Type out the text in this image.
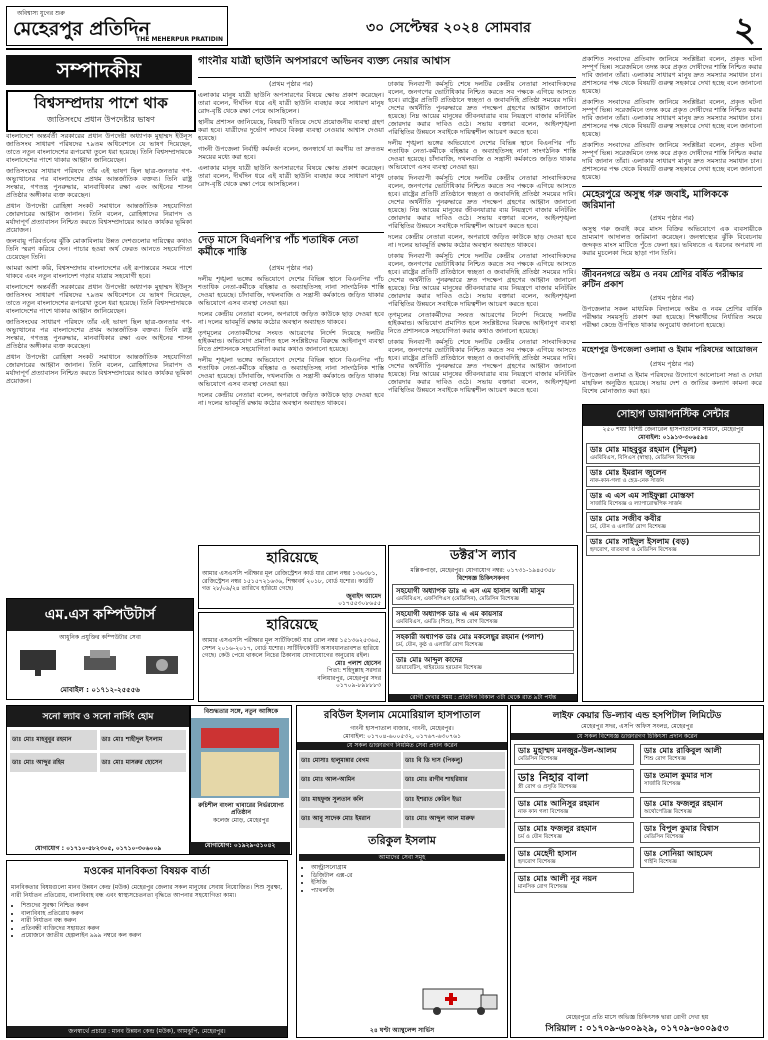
অবিশ্বাস্য যুগের শুরু
মেহেরপুর প্রতিদিন
THE MEHERPUR PRATIDIN
৩০ সেপ্টেম্বর ২০২৪ সোমবার	২
সম্পাদকীয়
বিশ্বসম্প্রদায় পাশে থাক
জাতিসংঘে প্রধান উপদেষ্টার ভাষণ

বাংলাদেশে অন্তর্বর্তী সরকারের প্রধান উপদেষ্টা অধ্যাপক মুহাম্মদ ইউনূস জাতিসংঘ সাধারণ পরিষদের ৭৯তম অধিবেশনে যে ভাষণ দিয়েছেন, তাতে নতুন বাংলাদেশের রূপরেখা তুলে ধরা হয়েছে। তিনি বিশ্বসম্প্রদায়কে বাংলাদেশের পাশে থাকার আহ্বান জানিয়েছেন।

জাতিসংঘের সাধারণ পরিষদে তাঁর এই ভাষণ ছিল ছাত্র-জনতার গণ-অভ্যুত্থানের পর বাংলাদেশের প্রথম আন্তর্জাতিক বক্তব্য। তিনি রাষ্ট্র সংস্কার, গণতন্ত্র পুনরুদ্ধার, মানবাধিকার রক্ষা এবং আইনের শাসন প্রতিষ্ঠার অঙ্গীকার ব্যক্ত করেছেন।

প্রধান উপদেষ্টা রোহিঙ্গা সংকট সমাধানে আন্তর্জাতিক সহযোগিতা জোরদারের আহ্বান জানান। তিনি বলেন, রোহিঙ্গাদের নিরাপদ ও মর্যাদাপূর্ণ প্রত্যাবাসন নিশ্চিত করতে বিশ্বসম্প্রদায়ের আরও কার্যকর ভূমিকা প্রয়োজন।

জলবায়ু পরিবর্তনের ঝুঁকি মোকাবিলায় উন্নত দেশগুলোর দায়িত্বের কথাও তিনি স্মরণ করিয়ে দেন। পাচার হওয়া অর্থ ফেরত আনতে সহযোগিতা চেয়েছেন তিনি।

আমরা আশা করি, বিশ্বসম্প্রদায় বাংলাদেশের এই রূপান্তরের সময়ে পাশে থাকবে এবং নতুন বাংলাদেশ গড়ার যাত্রায় সহযোগী হবে।

বাংলাদেশে অন্তর্বর্তী সরকারের প্রধান উপদেষ্টা অধ্যাপক মুহাম্মদ ইউনূস জাতিসংঘ সাধারণ পরিষদের ৭৯তম অধিবেশনে যে ভাষণ দিয়েছেন, তাতে নতুন বাংলাদেশের রূপরেখা তুলে ধরা হয়েছে। তিনি বিশ্বসম্প্রদায়কে বাংলাদেশের পাশে থাকার আহ্বান জানিয়েছেন।

জাতিসংঘের সাধারণ পরিষদে তাঁর এই ভাষণ ছিল ছাত্র-জনতার গণ-অভ্যুত্থানের পর বাংলাদেশের প্রথম আন্তর্জাতিক বক্তব্য। তিনি রাষ্ট্র সংস্কার, গণতন্ত্র পুনরুদ্ধার, মানবাধিকার রক্ষা এবং আইনের শাসন প্রতিষ্ঠার অঙ্গীকার ব্যক্ত করেছেন।

প্রধান উপদেষ্টা রোহিঙ্গা সংকট সমাধানে আন্তর্জাতিক সহযোগিতা জোরদারের আহ্বান জানান। তিনি বলেন, রোহিঙ্গাদের নিরাপদ ও মর্যাদাপূর্ণ প্রত্যাবাসন নিশ্চিত করতে বিশ্বসম্প্রদায়ের আরও কার্যকর ভূমিকা প্রয়োজন।

এম.এস কম্পিউটার্স
আধুনিক প্রযুক্তির কম্পিউটার সেবা
মোবাইল : ০১৭১২-২৫৫৫৬
সনো ল্যাব ও সনো নার্সিং হোম
ডাঃ মোঃ মাহবুবুর রহমান	ডাঃ মোঃ শাহীদুল ইসলাম
ডাঃ মোঃ আব্দুর রহিম	ডাঃ মোঃ মাসরুর হোসেন
যোগাযোগ : ০১৭১০-৫৮২৩০৫, ০১৭১০-৩০৬০০৯
বিশুদ্ধতার সঙ্গে, নতুন আঙ্গিকে
রুচিশীল বাংলা খাবারের নির্ভরযোগ্য প্রতিষ্ঠান
কলেজ মোড়, মেহেরপুর
যোগাযোগ: ০১৯২৯-৫১০৪২
মওকের মানবিকতা বিষয়ক বার্তা
মানবিকতার বিষয়গুলো মানব উন্নয়ন কেন্দ্র (মউক) মেহেরপুর জেলার সকল মানুষের সেবায় নিয়োজিত। শিশু সুরক্ষা, নারী নির্যাতন প্রতিরোধ, বাল্যবিবাহ বন্ধ এবং স্বাস্থ্যসচেতনতা বৃদ্ধিতে আপনার সহযোগিতা কাম্য।
• শিশুদের সুরক্ষা নিশ্চিত করুন
• বাল্যবিবাহ প্রতিরোধ করুন
• নারী নির্যাতন বন্ধ করুন
• প্রতিবন্ধী ব্যক্তিদের সহায়তা করুন
• প্রয়োজনে জাতীয় হেল্পলাইন ৯৯৯ নম্বরে কল করুন
জনস্বার্থে প্রচারে : মানব উন্নয়ন কেন্দ্র (মউক), আমঝুপি, মেহেরপুর।
গাংনীর যাত্রী ছাউনি অপসারণে অভিনব ব্যক্ত্য নেয়ার আশ্বাস

(প্রথম পৃষ্ঠার পর)

এলাকার মানুষ যাত্রী ছাউনি অপসারণের বিষয়ে ক্ষোভ প্রকাশ করেছেন। তারা বলেন, দীর্ঘদিন ধরে এই যাত্রী ছাউনি ব্যবহার করে সাধারণ মানুষ রোদ-বৃষ্টি থেকে রক্ষা পেয়ে আসছিলেন।

স্থানীয় প্রশাসন জানিয়েছে, বিষয়টি খতিয়ে দেখে প্রয়োজনীয় ব্যবস্থা গ্রহণ করা হবে। যাত্রীদের দুর্ভোগ লাঘবে বিকল্প ব্যবস্থা নেওয়ার আশ্বাস দেওয়া হয়েছে।

গাংনী উপজেলা নির্বাহী কর্মকর্তা বলেন, জনস্বার্থে যা করণীয় তা দ্রুততম সময়ের মধ্যে করা হবে।

এলাকার মানুষ যাত্রী ছাউনি অপসারণের বিষয়ে ক্ষোভ প্রকাশ করেছেন। তারা বলেন, দীর্ঘদিন ধরে এই যাত্রী ছাউনি ব্যবহার করে সাধারণ মানুষ রোদ-বৃষ্টি থেকে রক্ষা পেয়ে আসছিলেন।

ঢাকায় দিনব্যাপী কর্মসূচি শেষে দলটির কেন্দ্রীয় নেতারা সাংবাদিকদের বলেন, জনগণের ভোটাধিকার নিশ্চিত করতে সব পক্ষকে এগিয়ে আসতে হবে। রাষ্ট্রের প্রতিটি প্রতিষ্ঠানে স্বচ্ছতা ও জবাবদিহি প্রতিষ্ঠা সময়ের দাবি। দেশের অর্থনীতি পুনরুদ্ধারে দ্রুত পদক্ষেপ গ্রহণের আহ্বান জানানো হয়েছে। নিম্ন আয়ের মানুষের জীবনযাত্রার ব্যয় নিয়ন্ত্রণে বাজার মনিটরিং জোরদার করার দাবিও ওঠে। সভায় বক্তারা বলেন, আইনশৃঙ্খলা পরিস্থিতির উন্নয়নে সবাইকে দায়িত্বশীল আচরণ করতে হবে।

দলীয় শৃঙ্খলা ভঙ্গের অভিযোগে দেশের বিভিন্ন স্থানে বিএনপির পাঁচ শতাধিক নেতা-কর্মীকে বহিষ্কার ও অব্যাহতিসহ নানা সাংগঠনিক শাস্তি দেওয়া হয়েছে। চাঁদাবাজি, দখলবাজি ও সন্ত্রাসী কর্মকাণ্ডে জড়িত থাকার অভিযোগে এসব ব্যবস্থা নেওয়া হয়।

ঢাকায় দিনব্যাপী কর্মসূচি শেষে দলটির কেন্দ্রীয় নেতারা সাংবাদিকদের বলেন, জনগণের ভোটাধিকার নিশ্চিত করতে সব পক্ষকে এগিয়ে আসতে হবে। রাষ্ট্রের প্রতিটি প্রতিষ্ঠানে স্বচ্ছতা ও জবাবদিহি প্রতিষ্ঠা সময়ের দাবি। দেশের অর্থনীতি পুনরুদ্ধারে দ্রুত পদক্ষেপ গ্রহণের আহ্বান জানানো হয়েছে। নিম্ন আয়ের মানুষের জীবনযাত্রার ব্যয় নিয়ন্ত্রণে বাজার মনিটরিং জোরদার করার দাবিও ওঠে। সভায় বক্তারা বলেন, আইনশৃঙ্খলা পরিস্থিতির উন্নয়নে সবাইকে দায়িত্বশীল আচরণ করতে হবে।

দলের কেন্দ্রীয় নেতারা বলেন, অপরাধে জড়িত কাউকে ছাড় দেওয়া হবে না। দলের ভাবমূর্তি রক্ষায় কঠোর অবস্থান অব্যাহত থাকবে।

ঢাকায় দিনব্যাপী কর্মসূচি শেষে দলটির কেন্দ্রীয় নেতারা সাংবাদিকদের বলেন, জনগণের ভোটাধিকার নিশ্চিত করতে সব পক্ষকে এগিয়ে আসতে হবে। রাষ্ট্রের প্রতিটি প্রতিষ্ঠানে স্বচ্ছতা ও জবাবদিহি প্রতিষ্ঠা সময়ের দাবি। দেশের অর্থনীতি পুনরুদ্ধারে দ্রুত পদক্ষেপ গ্রহণের আহ্বান জানানো হয়েছে। নিম্ন আয়ের মানুষের জীবনযাত্রার ব্যয় নিয়ন্ত্রণে বাজার মনিটরিং জোরদার করার দাবিও ওঠে। সভায় বক্তারা বলেন, আইনশৃঙ্খলা পরিস্থিতির উন্নয়নে সবাইকে দায়িত্বশীল আচরণ করতে হবে।

তৃণমূলের নেতাকর্মীদের সংযত আচরণের নির্দেশ দিয়েছে দলটির হাইকমান্ড। অভিযোগ প্রমাণিত হলে সংশ্লিষ্টদের বিরুদ্ধে আইনানুগ ব্যবস্থা নিতে প্রশাসনকে সহযোগিতা করার কথাও জানানো হয়েছে।

ঢাকায় দিনব্যাপী কর্মসূচি শেষে দলটির কেন্দ্রীয় নেতারা সাংবাদিকদের বলেন, জনগণের ভোটাধিকার নিশ্চিত করতে সব পক্ষকে এগিয়ে আসতে হবে। রাষ্ট্রের প্রতিটি প্রতিষ্ঠানে স্বচ্ছতা ও জবাবদিহি প্রতিষ্ঠা সময়ের দাবি। দেশের অর্থনীতি পুনরুদ্ধারে দ্রুত পদক্ষেপ গ্রহণের আহ্বান জানানো হয়েছে। নিম্ন আয়ের মানুষের জীবনযাত্রার ব্যয় নিয়ন্ত্রণে বাজার মনিটরিং জোরদার করার দাবিও ওঠে। সভায় বক্তারা বলেন, আইনশৃঙ্খলা পরিস্থিতির উন্নয়নে সবাইকে দায়িত্বশীল আচরণ করতে হবে।

দেড় মাসে বিএনপি'র পাঁচ শতাধিক নেতা কর্মীকে শাস্তি

(প্রথম পৃষ্ঠার পর)

দলীয় শৃঙ্খলা ভঙ্গের অভিযোগে দেশের বিভিন্ন স্থানে বিএনপির পাঁচ শতাধিক নেতা-কর্মীকে বহিষ্কার ও অব্যাহতিসহ নানা সাংগঠনিক শাস্তি দেওয়া হয়েছে। চাঁদাবাজি, দখলবাজি ও সন্ত্রাসী কর্মকাণ্ডে জড়িত থাকার অভিযোগে এসব ব্যবস্থা নেওয়া হয়।

দলের কেন্দ্রীয় নেতারা বলেন, অপরাধে জড়িত কাউকে ছাড় দেওয়া হবে না। দলের ভাবমূর্তি রক্ষায় কঠোর অবস্থান অব্যাহত থাকবে।

তৃণমূলের নেতাকর্মীদের সংযত আচরণের নির্দেশ দিয়েছে দলটির হাইকমান্ড। অভিযোগ প্রমাণিত হলে সংশ্লিষ্টদের বিরুদ্ধে আইনানুগ ব্যবস্থা নিতে প্রশাসনকে সহযোগিতা করার কথাও জানানো হয়েছে।

দলীয় শৃঙ্খলা ভঙ্গের অভিযোগে দেশের বিভিন্ন স্থানে বিএনপির পাঁচ শতাধিক নেতা-কর্মীকে বহিষ্কার ও অব্যাহতিসহ নানা সাংগঠনিক শাস্তি দেওয়া হয়েছে। চাঁদাবাজি, দখলবাজি ও সন্ত্রাসী কর্মকাণ্ডে জড়িত থাকার অভিযোগে এসব ব্যবস্থা নেওয়া হয়।

দলের কেন্দ্রীয় নেতারা বলেন, অপরাধে জড়িত কাউকে ছাড় দেওয়া হবে না। দলের ভাবমূর্তি রক্ষায় কঠোর অবস্থান অব্যাহত থাকবে।

হারিয়েছে
আমার এসএসসি পরীক্ষার মূল রেজিস্ট্রেশন কার্ড যার রোল নম্বর ১৩৬৩৮১, রেজিস্ট্রেশন নম্বর ১৫১৫৭২১৬৩৬, শিক্ষাবর্ষ ২০১৮, বোর্ড যশোর। কার্ডটি গত ২৮/০৯/২৪ তারিখে হারিয়ে গেছে।
জুবাইদ আমেদ
০১৭৫৫৩০৮৬৫৫
হারিয়েছে
আমার এসএসসি পরীক্ষার মূল সার্টিফিকেট যার রোল নম্বর ১৫১৩৬২৫৩৬৫, সেশন ২০১৬-২০১৭, বোর্ড যশোর। সার্টিফিকেটটি অসাবধানতাবশত হারিয়ে গেছে। কেউ পেয়ে থাকলে নিচের ঠিকানায় যোগাযোগের অনুরোধ রইল।
মোঃ পলাশ হোসেন
পিতা: শহিদুল্লাহ সরদার
বলিয়ারপুর, মেহেরপুর সদর
০১৭০৯-৮৯৮৮৮৩
ডক্টর'স ল্যাব
মল্লিকপাড়া, মেহেরপুর। যোগাযোগ নম্বর: ০১৭৩১-১৯৪৫৩৫৮
বিশেষজ্ঞ চিকিৎসকগণ
সহযোগী অধ্যাপক ডাঃ এ এস এম হাসান আলী মাসুম
এমবিবিএস, এফসিপিএস (মেডিসিন), মেডিসিন বিশেষজ্ঞ
সহযোগী অধ্যাপক ডাঃ এ এম কায়সার
এমবিবিএস, এমডি (শিশু), শিশু রোগ বিশেষজ্ঞ
সহকারী অধ্যাপক ডাঃ মোঃ মকলেছুর রহমান (পলাশ)
চর্ম, যৌন, কুষ্ঠ ও এলার্জি রোগ বিশেষজ্ঞ
ডাঃ মোঃ আব্দুল কাদের
ডায়াবেটিস, থাইরয়েড হরমোন বিশেষজ্ঞ
রোগী দেখার সময় : প্রতিদিন বিকাল ৩টা থেকে রাত ৯টা পর্যন্ত
রবিউল ইসলাম মেমোরিয়াল হাসপাতাল
গাংনী হাসপাতাল বাজার, গাংনী, মেহেরপুর।
মোবাইল: ০১৭০৪-৬০০৫৩২, ০১৭৬৭-৬৩০৭৬১
যে সকল ডাক্তারগণ নিয়মিত সেবা প্রদান করেন
ডাঃ মোসাঃ হালুমান্নার বেগম	ডাঃ বি ডি দাস (পিকলু)
ডাঃ মোঃ আল-আমিন	ডাঃ মোঃ রাগীব শাহরিয়ার
ডাঃ মাহফুজ সুলতান কলি	ডাঃ ইশরাত কেরিন ইভা
ডাঃ আবু সাদেক মোঃ ইমরান	ডাঃ মোঃ আব্দুল আল মারুফ
তরিকুল ইসলাম
আমাদের সেবা সমূহ
• আল্ট্রাসনোগ্রাম
• ডিজিটাল এক্স-রে
• ইসিজি
• প্যাথলজি
২৪ ঘণ্টা অ্যাম্বুলেন্স সার্ভিস

প্রকাশিত সংবাদের প্রতিবাদ জানিয়ে সংশ্লিষ্টরা বলেন, প্রকৃত ঘটনা সম্পূর্ণ ভিন্ন। সরেজমিনে তদন্ত করে প্রকৃত দোষীদের শাস্তি নিশ্চিত করার দাবি জানান তাঁরা। এলাকার সাধারণ মানুষ দ্রুত সমস্যার সমাধান চান। প্রশাসনের পক্ষ থেকে বিষয়টি গুরুত্ব সহকারে দেখা হচ্ছে বলে জানানো হয়েছে।

প্রকাশিত সংবাদের প্রতিবাদ জানিয়ে সংশ্লিষ্টরা বলেন, প্রকৃত ঘটনা সম্পূর্ণ ভিন্ন। সরেজমিনে তদন্ত করে প্রকৃত দোষীদের শাস্তি নিশ্চিত করার দাবি জানান তাঁরা। এলাকার সাধারণ মানুষ দ্রুত সমস্যার সমাধান চান। প্রশাসনের পক্ষ থেকে বিষয়টি গুরুত্ব সহকারে দেখা হচ্ছে বলে জানানো হয়েছে।

প্রকাশিত সংবাদের প্রতিবাদ জানিয়ে সংশ্লিষ্টরা বলেন, প্রকৃত ঘটনা সম্পূর্ণ ভিন্ন। সরেজমিনে তদন্ত করে প্রকৃত দোষীদের শাস্তি নিশ্চিত করার দাবি জানান তাঁরা। এলাকার সাধারণ মানুষ দ্রুত সমস্যার সমাধান চান। প্রশাসনের পক্ষ থেকে বিষয়টি গুরুত্ব সহকারে দেখা হচ্ছে বলে জানানো হয়েছে।

মেহেরপুরে অসুস্থ গরু জবাই, মালিককে জরিমানা

(প্রথম পৃষ্ঠার পর)

অসুস্থ গরু জবাই করে মাংস বিক্রির অভিযোগে এক ব্যবসায়ীকে ভ্রাম্যমাণ আদালত জরিমানা করেছেন। জনস্বাস্থ্যের ঝুঁকি বিবেচনায় জব্দকৃত মাংস মাটিতে পুঁতে ফেলা হয়। ভবিষ্যতে এ ধরনের অপরাধ না করার মুচলেকা দিয়ে ছাড়া পান তিনি।

জীবননগরে অষ্টম ও নবম শ্রেণির বর্ষিত পরীক্ষার রুটিন প্রকাশ

(প্রথম পৃষ্ঠার পর)

উপজেলার সকল মাধ্যমিক বিদ্যালয়ে অষ্টম ও নবম শ্রেণির বার্ষিক পরীক্ষার সময়সূচি প্রকাশ করা হয়েছে। শিক্ষার্থীদের নির্ধারিত সময়ে পরীক্ষা কেন্দ্রে উপস্থিত থাকার অনুরোধ জানানো হয়েছে।

মহেশপুর উপজেলা ওলামা ও ইমাম পরিষদের আয়োজন

(প্রথম পৃষ্ঠার পর)

উপজেলা ওলামা ও ইমাম পরিষদের উদ্যোগে আলোচনা সভা ও দোয়া মাহফিল অনুষ্ঠিত হয়েছে। সভায় দেশ ও জাতির কল্যাণ কামনা করে বিশেষ মোনাজাত করা হয়।

সোহাগ ডায়াগনস্টিক সেন্টার
২৫০ শয্যা বিশিষ্ট জেনারেল হাসপাতালের সামনে, মেহেরপুর
মোবাইল: ০১৯১৩-৩০৬৫৯৪
ডাঃ মোঃ মাহবুবুর রহমান (শিমুল)
এমবিবিএস, বিসিএস (স্বাস্থ্য), মেডিসিন বিশেষজ্ঞ
ডাঃ মোঃ ইমরান জুলেন
নাক-কান-গলা ও হেড-নেক সার্জন
ডাঃ এ এস এম সাইফুল্লা মোস্তফা
সার্জারি বিশেষজ্ঞ ও ল্যাপারোস্কপিক সার্জন
ডাঃ মোঃ সজীব কবীর
চর্ম, যৌন ও এলার্জি রোগ বিশেষজ্ঞ
ডাঃ মোঃ সাইদুল ইসলাম (বড়)
হৃদরোগ, বাতব্যথা ও মেডিসিন বিশেষজ্ঞ
লাইফ কেয়ার ডি-ল্যাব এন্ড হসপিটাল লিমিটেড
মেহেরপুর সদর, এসপি অফিস সংলগ্ন, মেহেরপুর
যে সকল বিশেষজ্ঞ ডাক্তারগণ চিকিৎসা প্রদান করেন
ডাঃ মুহাম্মদ মনজুর-উল-আলম
মেডিসিন বিশেষজ্ঞ
ডাঃ মোঃ রাকিবুল আলী
শিশু রোগ বিশেষজ্ঞ
ডাঃ নিহার বালা
স্ত্রী রোগ ও প্রসূতি বিশেষজ্ঞ
ডাঃ তমাল কুমার দাস
সার্জারি বিশেষজ্ঞ
ডাঃ মোঃ আনিসুর রহমান
নাক কান গলা বিশেষজ্ঞ
ডাঃ মোঃ ফজলুর রহমান
অর্থোপেডিক্স বিশেষজ্ঞ
ডাঃ মোঃ ফজলুর রহমান
চর্ম ও যৌন বিশেষজ্ঞ
ডাঃ বিপুল কুমার বিশ্বাস
মেডিসিন বিশেষজ্ঞ
ডাঃ মেহেদী হাসান
হৃদরোগ বিশেষজ্ঞ
ডাঃ সোনিয়া আহমেদ
গাইনি বিশেষজ্ঞ
ডাঃ মোঃ আলী নূর নয়ন
মানসিক রোগ বিশেষজ্ঞ
মেহেরপুরে প্রতি মাসে অভিজ্ঞ চিকিৎসক দ্বারা রোগী দেখা হয়
সিরিয়াল : ০১৭০৯-৬০০৯২৯, ০১৭০৯-৬০০৯৫৩
